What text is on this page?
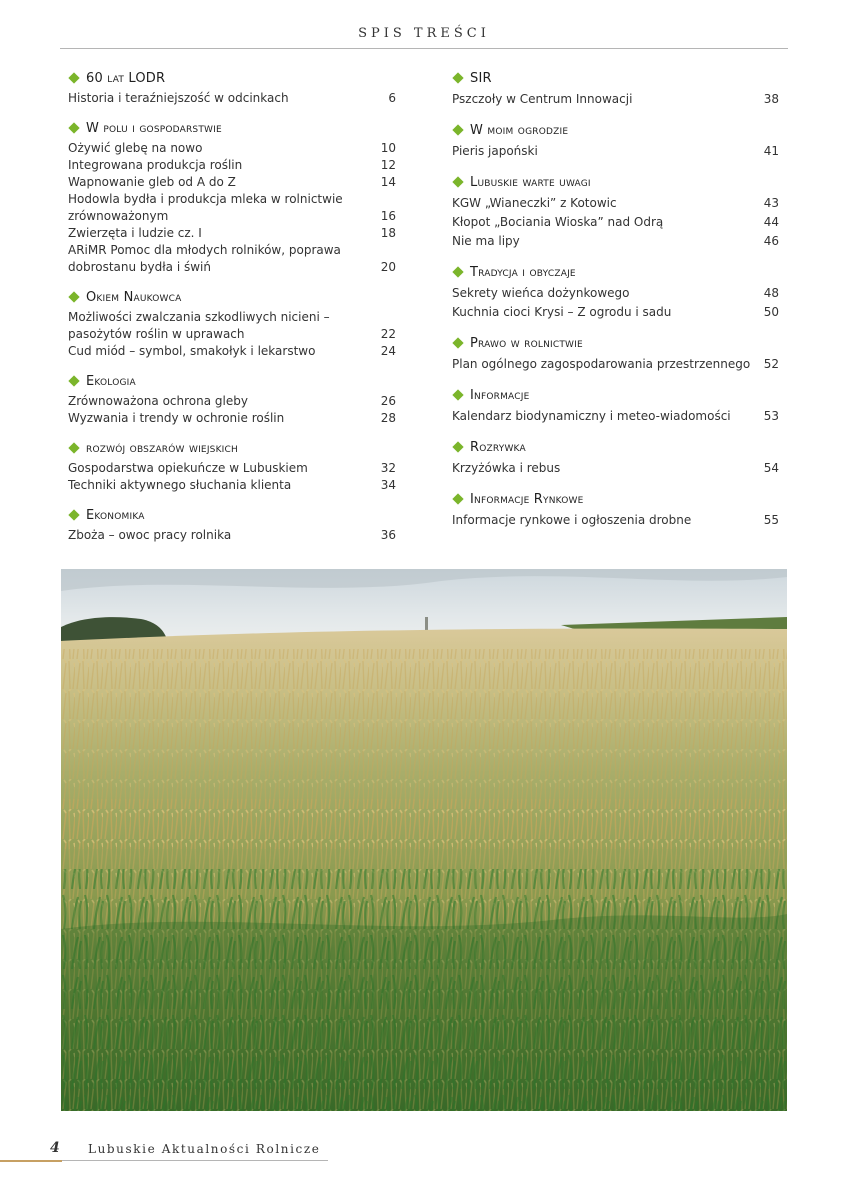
SPIS TREŚCI
60 lat LODR
Historia i teraźniejszość w odcinkach	6
W polu i gospodarstwie
Ożywić glebę na nowo	10
Integrowana produkcja roślin	12
Wapnowanie gleb od A do Z	14
Hodowla bydła i produkcja mleka w rolnictwie zrównoważonym	16
Zwierzęta i ludzie cz. I	18
ARiMR Pomoc dla młodych rolników, poprawa dobrostanu bydła i świń	20
Okiem Naukowca
Możliwości zwalczania szkodliwych nicieni – pasożytów roślin w uprawach	22
Cud miód – symbol, smakołyk i lekarstwo	24
Ekologia
Zrównoważona ochrona gleby	26
Wyzwania i trendy w ochronie roślin	28
rozwój obszarów wiejskich
Gospodarstwa opiekuńcze w Lubuskiem	32
Techniki aktywnego słuchania klienta	34
Ekonomika
Zboża – owoc pracy rolnika	36
SIR
Pszczoły w Centrum Innowacji	38
W moim ogrodzie
Pieris japoński	41
Lubuskie warte uwagi
KGW „Wianeczki” z Kotowic	43
Kłopot „Bociania Wioska” nad Odrą	44
Nie ma lipy	46
Tradycja i obyczaje
Sekrety wieńca dożynkowego	48
Kuchnia cioci Krysi – Z ogrodu i sadu	50
Prawo w rolnictwie
Plan ogólnego zagospodarowania przestrzennego	52
Informacje
Kalendarz biodynamiczny i meteo-wiadomości	53
Rozrywka
Krzyżówka i rebus	54
Informacje Rynkowe
Informacje rynkowe i ogłoszenia drobne	55
4 Lubuskie Aktualności Rolnicze
